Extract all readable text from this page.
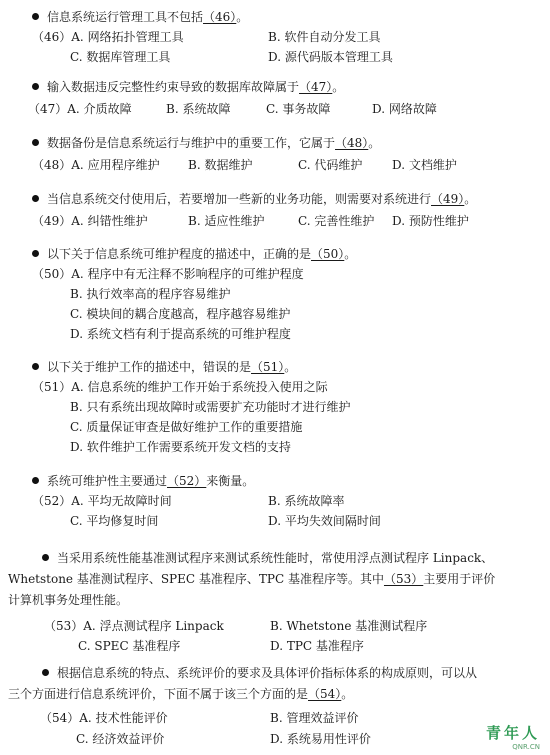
信息系统运行管理工具不包括（46）。
（46）A. 网络拓扑管理工具	B. 软件自动分发工具
C. 数据库管理工具	D. 源代码版本管理工具
输入数据违反完整性约束导致的数据库故障属于（47）。
（47）A. 介质故障	B. 系统故障	C. 事务故障	D. 网络故障
数据备份是信息系统运行与维护中的重要工作，它属于（48）。
（48）A. 应用程序维护 B. 数据维护	C. 代码维护 D. 文档维护
当信息系统交付使用后，若要增加一些新的业务功能，则需要对系统进行（49）。
（49）A. 纠错性维护	B. 适应性维护	C. 完善性维护 D. 预防性维护
以下关于信息系统可维护程度的描述中，正确的是（50）。
（50）A. 程序中有无注释不影响程序的可维护程度
B. 执行效率高的程序容易维护
C. 模块间的耦合度越高，程序越容易维护
D. 系统文档有利于提高系统的可维护程度
以下关于维护工作的描述中，错误的是（51）。
（51）A. 信息系统的维护工作开始于系统投入使用之际
B. 只有系统出现故障时或需要扩充功能时才进行维护
C. 质量保证审查是做好维护工作的重要措施
D. 软件维护工作需要系统开发文档的支持
系统可维护性主要通过（52）来衡量。
（52）A. 平均无故障时间	B. 系统故障率
C. 平均修复时间	D. 平均失效间隔时间
当采用系统性能基准测试程序来测试系统性能时，常使用浮点测试程序 Linpack、
Whetstone 基准测试程序、SPEC 基准程序、TPC 基准程序等。其中（53）主要用于评价
计算机事务处理性能。
（53）A. 浮点测试程序 Linpack	B. Whetstone 基准测试程序
C. SPEC 基准程序	D. TPC 基准程序
根据信息系统的特点、系统评价的要求及具体评价指标体系的构成原则，可以从
三个方面进行信息系统评价，下面不属于该三个方面的是（54）。
（54）A. 技术性能评价	B. 管理效益评价
C. 经济效益评价	D. 系统易用性评价	青年人
QNR.CN
